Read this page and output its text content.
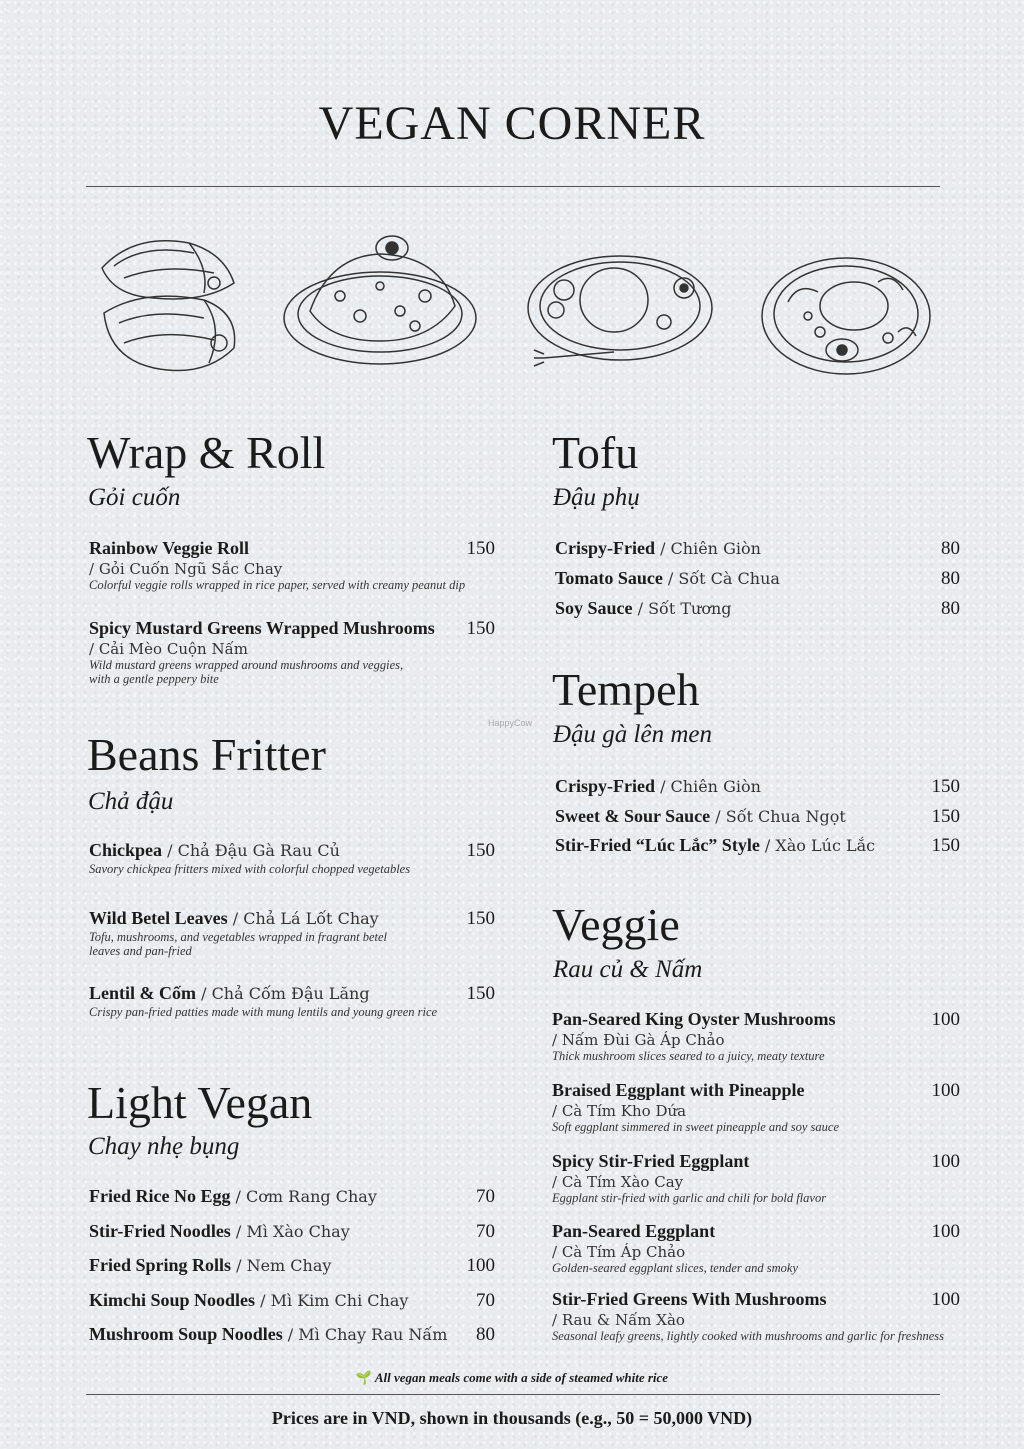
VEGAN CORNER
Wrap & Roll
Gỏi cuốn
Rainbow Veggie Roll	150
/ Gỏi Cuốn Ngũ Sắc Chay
Colorful veggie rolls wrapped in rice paper, served with creamy peanut dip
Spicy Mustard Greens Wrapped Mushrooms 150
/ Cải Mèo Cuộn Nấm
Wild mustard greens wrapped around mushrooms and veggies,
with a gentle peppery bite
Beans Fritter
Chả đậu
Chickpea / Chả Đậu Gà Rau Củ	150
Savory chickpea fritters mixed with colorful chopped vegetables
Wild Betel Leaves / Chả Lá Lốt Chay	150
Tofu, mushrooms, and vegetables wrapped in fragrant betel
leaves and pan-fried
Lentil & Cốm / Chả Cốm Đậu Lăng	150
Crispy pan-fried patties made with mung lentils and young green rice
Light Vegan
Chay nhẹ bụng
Fried Rice No Egg / Cơm Rang Chay	70
Stir-Fried Noodles / Mì Xào Chay	70
Fried Spring Rolls / Nem Chay	100
Kimchi Soup Noodles / Mì Kim Chi Chay	70
Mushroom Soup Noodles / Mì Chay Rau Nấm 80
Tofu
Đậu phụ
Crispy-Fried / Chiên Giòn	80
Tomato Sauce / Sốt Cà Chua	80
Soy Sauce / Sốt Tương	80
Tempeh
Đậu gà lên men
Crispy-Fried / Chiên Giòn	150
Sweet & Sour Sauce / Sốt Chua Ngọt	150
Stir-Fried “Lúc Lắc” Style / Xào Lúc Lắc	150
Veggie
Rau củ & Nấm
Pan-Seared King Oyster Mushrooms	100
/ Nấm Đùi Gà Áp Chảo
Thick mushroom slices seared to a juicy, meaty texture
Braised Eggplant with Pineapple	100
/ Cà Tím Kho Dứa
Soft eggplant simmered in sweet pineapple and soy sauce
Spicy Stir-Fried Eggplant	100
/ Cà Tím Xào Cay
Eggplant stir-fried with garlic and chili for bold flavor
Pan-Seared Eggplant	100
/ Cà Tím Áp Chảo
Golden-seared eggplant slices, tender and smoky
Stir-Fried Greens With Mushrooms	100
/ Rau & Nấm Xào
Seasonal leafy greens, lightly cooked with mushrooms and garlic for freshness
HappyCow
🌱 All vegan meals come with a side of steamed white rice
Prices are in VND, shown in thousands (e.g., 50 = 50,000 VND)
